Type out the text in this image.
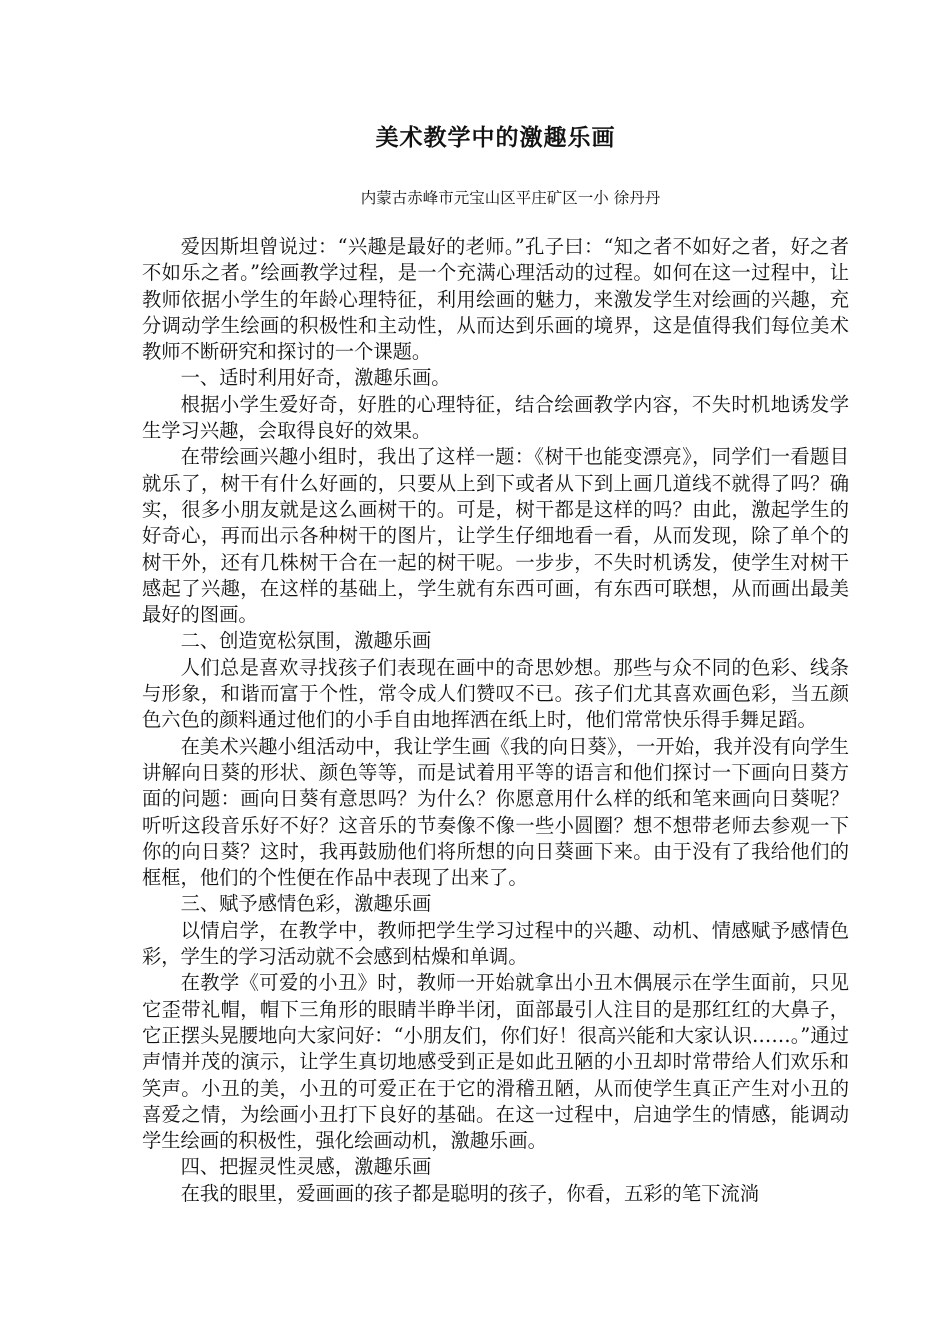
美术教学中的激趣乐画
内蒙古赤峰市元宝山区平庄矿区一小 徐丹丹

爱因斯坦曾说过：“兴趣是最好的老师。”孔子曰：“知之者不如好之者，好之者不如乐之者。”绘画教学过程，是一个充满心理活动的过程。如何在这一过程中，让教师依据小学生的年龄心理特征，利用绘画的魅力，来激发学生对绘画的兴趣，充分调动学生绘画的积极性和主动性，从而达到乐画的境界，这是值得我们每位美术教师不断研究和探讨的一个课题。

一、适时利用好奇，激趣乐画。

根据小学生爱好奇，好胜的心理特征，结合绘画教学内容，不失时机地诱发学生学习兴趣，会取得良好的效果。

在带绘画兴趣小组时，我出了这样一题：《树干也能变漂亮》，同学们一看题目就乐了，树干有什么好画的，只要从上到下或者从下到上画几道线不就得了吗？确实，很多小朋友就是这么画树干的。可是，树干都是这样的吗？由此，激起学生的好奇心，再而出示各种树干的图片，让学生仔细地看一看，从而发现，除了单个的树干外，还有几株树干合在一起的树干呢。一步步，不失时机诱发，使学生对树干感起了兴趣，在这样的基础上，学生就有东西可画，有东西可联想，从而画出最美最好的图画。

二、创造宽松氛围，激趣乐画

人们总是喜欢寻找孩子们表现在画中的奇思妙想。那些与众不同的色彩、线条与形象，和谐而富于个性，常令成人们赞叹不已。孩子们尤其喜欢画色彩，当五颜色六色的颜料通过他们的小手自由地挥洒在纸上时，他们常常快乐得手舞足蹈。

在美术兴趣小组活动中，我让学生画《我的向日葵》，一开始，我并没有向学生讲解向日葵的形状、颜色等等，而是试着用平等的语言和他们探讨一下画向日葵方面的问题：画向日葵有意思吗？为什么？你愿意用什么样的纸和笔来画向日葵呢？听听这段音乐好不好？这音乐的节奏像不像一些小圆圈？想不想带老师去参观一下你的向日葵？这时，我再鼓励他们将所想的向日葵画下来。由于没有了我给他们的框框，他们的个性便在作品中表现了出来了。

三、赋予感情色彩，激趣乐画

以情启学，在教学中，教师把学生学习过程中的兴趣、动机、情感赋予感情色彩，学生的学习活动就不会感到枯燥和单调。

在教学《可爱的小丑》时，教师一开始就拿出小丑木偶展示在学生面前，只见它歪带礼帽，帽下三角形的眼睛半睁半闭，面部最引人注目的是那红红的大鼻子，它正摆头晃腰地向大家问好：“小朋友们，你们好！很高兴能和大家认识……。”通过声情并茂的演示，让学生真切地感受到正是如此丑陋的小丑却时常带给人们欢乐和笑声。小丑的美，小丑的可爱正在于它的滑稽丑陋，从而使学生真正产生对小丑的喜爱之情，为绘画小丑打下良好的基础。在这一过程中，启迪学生的情感，能调动学生绘画的积极性，强化绘画动机，激趣乐画。

四、把握灵性灵感，激趣乐画

在我的眼里，爱画画的孩子都是聪明的孩子，你看，五彩的笔下流淌
